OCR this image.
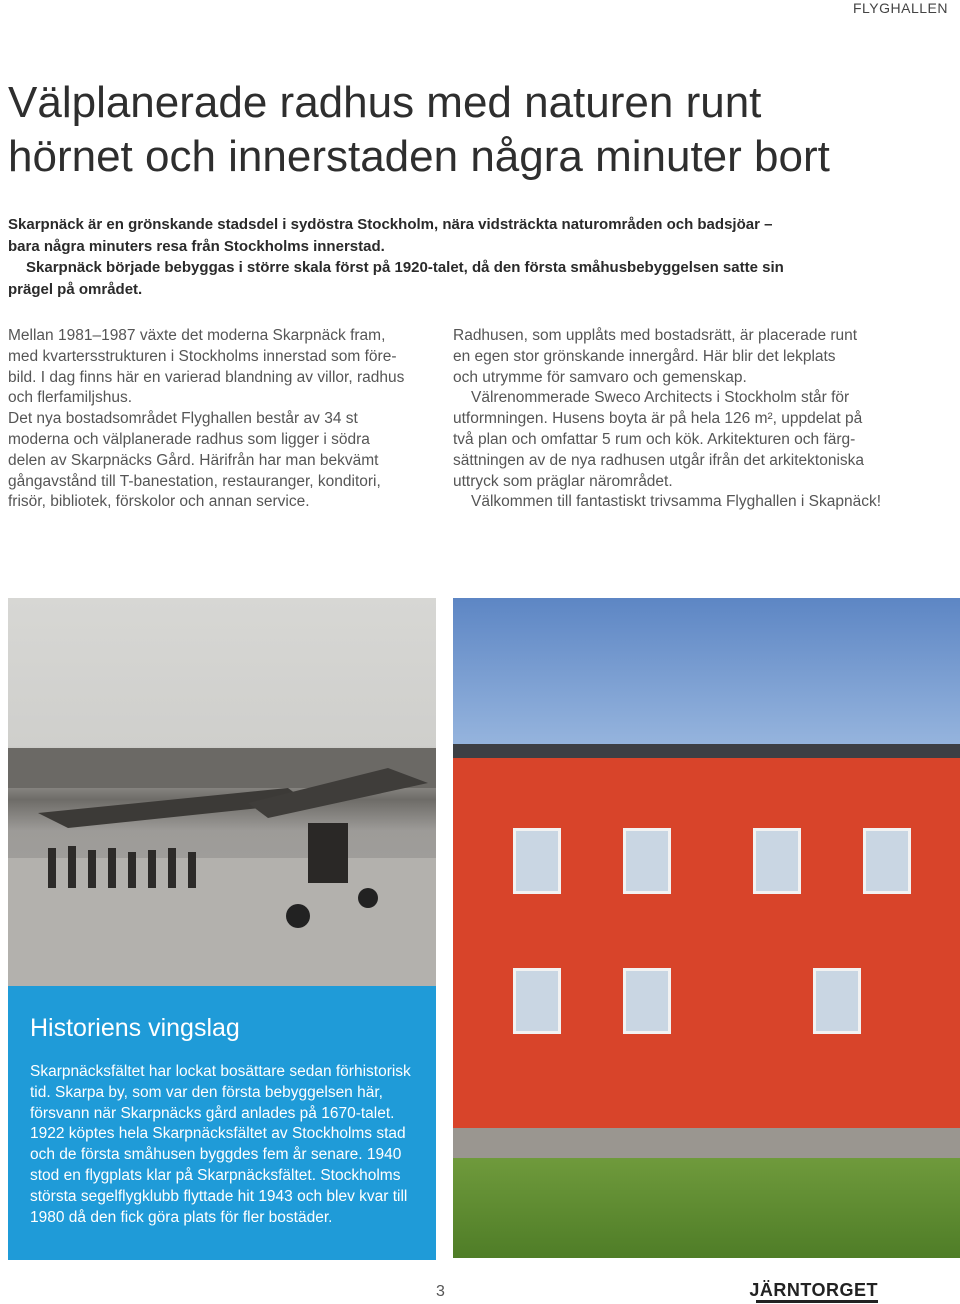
FLYGHALLEN
Välplanerade radhus med naturen runt
hörnet och innerstaden några minuter bort

Skarpnäck är en grönskande stadsdel i sydöstra Stockholm, nära vidsträckta naturområden och badsjöar –
bara några minuters resa från Stockholms innerstad.
Skarpnäck började bebyggas i större skala först på 1920-talet, då den första småhusbebyggelsen satte sin
prägel på området.

Mellan 1981–1987 växte det moderna Skarpnäck fram,
med kvartersstrukturen i Stockholms innerstad som före-
bild. I dag finns här en varierad blandning av villor, radhus
och flerfamiljshus.
Det nya bostadsområdet Flyghallen består av 34 st
moderna och välplanerade radhus som ligger i södra
delen av Skarpnäcks Gård. Härifrån har man bekvämt
gångavstånd till T-banestation, restauranger, konditori,
frisör, bibliotek, förskolor och annan service.

Radhusen, som upplåts med bostadsrätt, är placerade runt
en egen stor grönskande innergård. Här blir det lekplats
och utrymme för samvaro och gemenskap.
Välrenommerade Sweco Architects i Stockholm står för
utformningen. Husens boyta är på hela 126 m², uppdelat på
två plan och omfattar 5 rum och kök. Arkitekturen och färg-
sättningen av de nya radhusen utgår ifrån det arkitektoniska
uttryck som präglar närområdet.
Välkommen till fantastiskt trivsamma Flyghallen i Skapnäck!

Historiens vingslag

Skarpnäcksfältet har lockat bosättare sedan förhistorisk tid. Skarpa by, som var den första bebyggelsen här, försvann när Skarpnäcks gård anlades på 1670-talet. 1922 köptes hela Skarpnäcksfältet av Stockholms stad och de första småhusen byggdes fem år senare. 1940 stod en flygplats klar på Skarpnäcksfältet. Stockholms största segelflygklubb flyttade hit 1943 och blev kvar till 1980 då den fick göra plats för fler bostäder.

3	JÄRNTORGET
